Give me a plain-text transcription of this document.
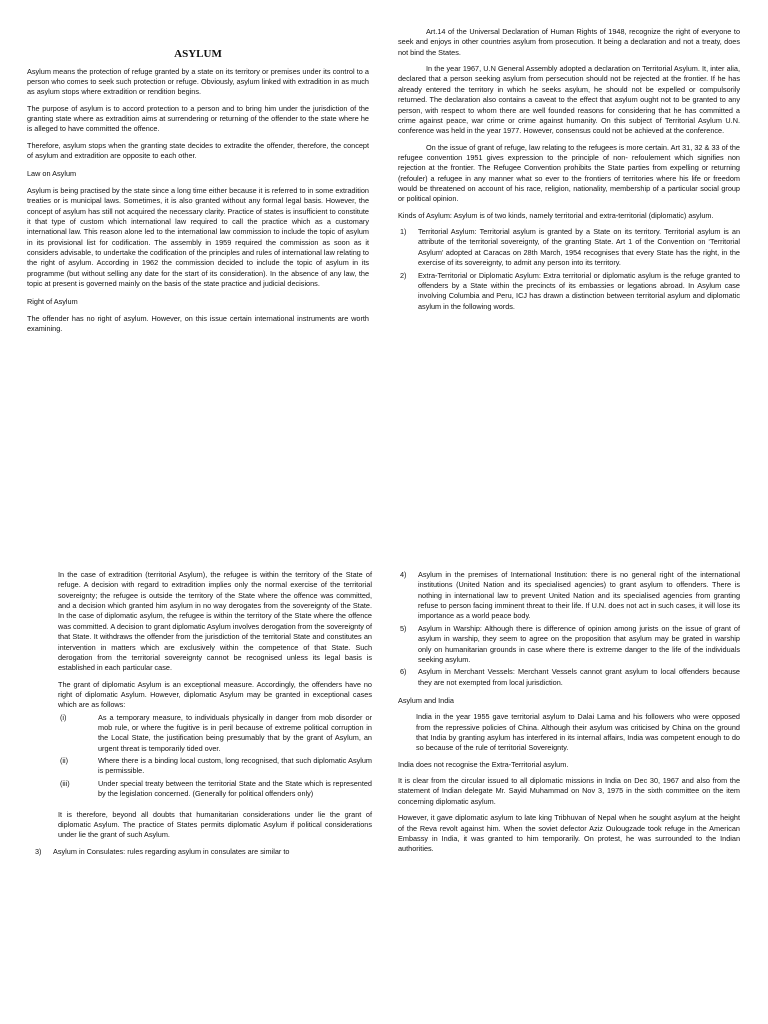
ASYLUM

Asylum means the protection of refuge granted by a state on its territory or premises under its control to a person who comes to seek such protection or refuge. Obviously, asylum linked with extradition in as much as asylum stops where extradition or rendition begins.

The purpose of asylum is to accord protection to a person and to bring him under the jurisdiction of the granting state where as extradition aims at surrendering or returning of the offender to the state where he is alleged to have committed the offence.

Therefore, asylum stops when the granting state decides to extradite the offender, therefore, the concept of asylum and extradition are opposite to each other.

Law on Asylum

Asylum is being practised by the state since a long time either because it is referred to in some extradition treaties or is municipal laws. Sometimes, it is also granted without any formal legal basis. However, the concept of asylum has still not acquired the necessary clarity. Practice of states is insufficient to constitute it that type of custom which international law required to call the practice which as a customary international law. This reason alone led to the international law commission to include the topic of asylum in its provisional list for codification. The assembly in 1959 required the commission as soon as it considers advisable, to undertake the codification of the principles and rules of international law relating to the right of asylum. According in 1962 the commission decided to include the topic of asylum in its programme (but without selling any date for the start of its consideration). In the absence of any law, the topic at present is governed mainly on the basis of the state practice and judicial decisions.

Right of Asylum

The offender has no right of asylum. However, on this issue certain international instruments are worth examining.

Art.14 of the Universal Declaration of Human Rights of 1948, recognize the right of everyone to seek and enjoys in other countries asylum from prosecution. It being a declaration and not a treaty, does not bind the States.

In the year 1967, U.N General Assembly adopted a declaration on Territorial Asylum. It, inter alia, declared that a person seeking asylum from persecution should not be rejected at the frontier. If he has already entered the territory in which he seeks asylum, he should not be expelled or compulsorily returned. The declaration also contains a caveat to the effect that asylum ought not to be granted to any person, with respect to whom there are well founded reasons for considering that he has committed a crime against peace, war crime or crime against humanity. On this subject of Territorial Asylum U.N. conference was held in the year 1977. However, consensus could not be achieved at the conference.

On the issue of grant of refuge, law relating to the refugees is more certain. Art 31, 32 & 33 of the refugee convention 1951 gives expression to the principle of non- refoulement which signifies non rejection at the frontier. The Refugee Convention prohibits the State parties from expelling or returning (refouler) a refugee in any manner what so ever to the frontiers of territories where his life or freedom would be threatened on account of his race, religion, nationality, membership of a particular social group or political opinion.

Kinds of Asylum: Asylum is of two kinds, namely territorial and extra-territorial (diplomatic) asylum.

1) Territorial Asylum: Territorial asylum is granted by a State on its territory. Territorial asylum is an attribute of the territorial sovereignty, of the granting State. Art 1 of the Convention on ‘Territorial Asylum’ adopted at Caracas on 28th March, 1954 recognises that every State has the right, in the exercise of its sovereignty, to admit any person into its territory.
2) Extra-Territorial or Diplomatic Asylum: Extra territorial or diplomatic asylum is the refuge granted to offenders by a State within the precincts of its embassies or legations abroad. In Asylum case involving Columbia and Peru, ICJ has drawn a distinction between territorial asylum and diplomatic asylum in the following words.

In the case of extradition (territorial Asylum), the refugee is within the territory of the State of refuge. A decision with regard to extradition implies only the normal exercise of the territorial sovereignty; the refugee is outside the territory of the State where the offence was committed, and a decision which granted him asylum in no way derogates from the sovereignty of the State. In the case of diplomatic asylum, the refugee is within the territory of the State where the offence was committed. A decision to grant diplomatic Asylum involves derogation from the sovereignty of that State. It withdraws the offender from the jurisdiction of the territorial State and constitutes an intervention in matters which are exclusively within the competence of that State. Such derogation from the territorial sovereignty cannot be recognised unless its legal basis is established in each particular case.

The grant of diplomatic Asylum is an exceptional measure. Accordingly, the offenders have no right of diplomatic Asylum. However, diplomatic Asylum may be granted in exceptional cases which are as follows:

(i)	As a temporary measure, to individuals physically in danger from mob disorder or mob rule, or where the fugitive is in peril because of extreme political corruption in the Local State, the justification being presumably that by the grant of Asylum, an urgent threat is temporarily tided over.
(ii)	Where there is a binding local custom, long recognised, that such diplomatic Asylum is permissible.
(iii)	Under special treaty between the territorial State and the State which is represented by the legislation concerned. (Generally for political offenders only)

It is therefore, beyond all doubts that humanitarian considerations under lie the grant of diplomatic Asylum. The practice of States permits diplomatic Asylum if political considerations under lie the grant of such Asylum.

3) Asylum in Consulates: rules regarding asylum in consulates are similar to
4) Asylum in the premises of International Institution: there is no general right of the international institutions (United Nation and its specialised agencies) to grant asylum to offenders. There is nothing in international law to prevent United Nation and its specialised agencies from granting refuse to person facing imminent threat to their life. If U.N. does not act in such cases, it will lose its importance as a world peace body.
5) Asylum in Warship: Although there is difference of opinion among jurists on the issue of grant of asylum in warship, they seem to agree on the proposition that asylum may be grated in warship only on humanitarian grounds in case where there is extreme danger to the life of the individuals seeking asylum.
6) Asylum in Merchant Vessels: Merchant Vessels cannot grant asylum to local offenders because they are not exempted from local jurisdiction.

Asylum and India

India in the year 1955 gave territorial asylum to Dalai Lama and his followers who were opposed from the repressive policies of China. Although their asylum was criticised by China on the ground that India by granting asylum has interfered in its internal affairs, India was competent enough to do so because of the rule of territorial Sovereignty.

India does not recognise the Extra-Territorial asylum.

It is clear from the circular issued to all diplomatic missions in India on Dec 30, 1967 and also from the statement of Indian delegate Mr. Sayid Muhammad on Nov 3, 1975 in the sixth committee on the item concerning diplomatic asylum.

However, it gave diplomatic asylum to late king Tribhuvan of Nepal when he sought asylum at the height of the Reva revolt against him. When the soviet defector Aziz Oulougzade took refuge in the American Embassy in India, it was granted to him temporarily. On protest, he was surrounded to the Indian authorities.
